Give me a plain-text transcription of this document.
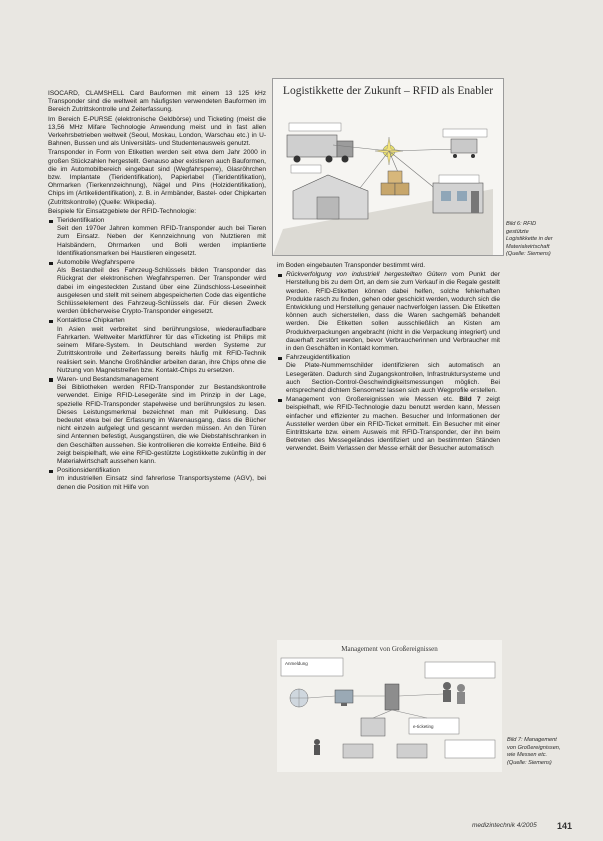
ISOCARD, CLAMSHELL Card Bauformen mit einem 13 125 kHz Transponder sind die weltweit am häufigsten verwendeten Bauformen im Bereich Zutrittskontrolle und Zeiterfassung.

Im Bereich E-PURSE (elektronische Geldbörse) und Ticketing (meist die 13,56 MHz Mifare Technologie Anwendung meist und in fast allen Verkehrsbetrieben weltweit (Seoul, Moskau, London, Warschau etc.) in U-Bahnen, Bussen und als Universitäts- und Studentenausweis genutzt.

Transponder in Form von Etiketten werden seit etwa dem Jahr 2000 in großen Stückzahlen hergestellt. Genauso aber existieren auch Bauformen, die im Automobilbereich eingebaut sind (Wegfahrsperre), Glasröhrchen bzw. Implantate (Tieridentifikation), Papierlabel (Tieridentifikation), Ohrmarken (Tierkennzeichnung), Nägel und Pins (Holzidentifikation), Chips im (Artikelidentifikation), z. B. in Armbänder, Bastel- oder Chipkarten (Zutrittskontrolle) (Quelle: Wikipedia).

Beispiele für Einsatzgebiete der RFID-Technologie:

Tieridentifikation
Seit den 1970er Jahren kommen RFID-Transponder auch bei Tieren zum Einsatz. Neben der Kennzeichnung von Nutztieren mit Halsbändern, Ohrmarken und Bolli werden implantierte Identifikationsmarken bei Haustieren eingesetzt.
Automobile Wegfahrsperre
Als Bestandteil des Fahrzeug-Schlüssels bilden Transponder das Rückgrat der elektronischen Wegfahrsperren. Der Transponder wird dabei im eingesteckten Zustand über eine Zündschloss-Leseeinheit ausgelesen und stellt mit seinem abgespeicherten Code das eigentliche Schlüsselelement des Fahrzeug-Schlüssels dar. Für diesen Zweck werden üblicherweise Crypto-Transponder eingesetzt.
Kontaktlose Chipkarten
In Asien weit verbreitet sind berührungslose, wiederaufladbare Fahrkarten. Weltweiter Marktführer für das eTicketing ist Philips mit seinem Mifare-System. In Deutschland werden Systeme zur Zutrittskontrolle und Zeiterfassung bereits häufig mit RFID-Technik realisiert sein. Manche Großhändler arbeiten daran, ihre Chips ohne die Nutzung von Magnetstreifen bzw. Kontakt-Chips zu ersetzen.
Waren- und Bestandsmanagement
Bei Bibliotheken werden RFID-Transponder zur Bestandskontrolle verwendet. Einige RFID-Lesegeräte sind im Prinzip in der Lage, spezielle RFID-Transponder stapelweise und berührungslos zu lesen. Dieses Leistungsmerkmal bezeichnet man mit Pulklesung. Das bedeutet etwa bei der Erfassung im Warenausgang, dass die Bücher nicht einzeln aufgelegt und gescannt werden müssen. An den Türen sind Antennen befestigt, Ausgangstüren, die wie Diebstahlschranken in den Geschäften aussehen. Sie kontrollieren die korrekte Entleihe. Bild 6 zeigt beispielhaft, wie eine RFID-gestützte Logistikkette zukünftig in der Materialwirtschaft aussehen kann.
Positionsidentifikation
Im industriellen Einsatz sind fahrerlose Transportsysteme (AGV), bei denen die Position mit Hilfe von
Logistikkette der Zukunft – RFID als Enabler
Bild 6: RFID gestützte Logistikkette in der Materialwirtschaft (Quelle: Siemens)

im Boden eingebauten Transponder bestimmt wird.

Rückverfolgung von industriell hergestellten Gütern vom Punkt der Herstellung bis zu dem Ort, an dem sie zum Verkauf in die Regale gestellt werden. RFID-Etiketten können dabei helfen, solche fehlerhaften Produkte rasch zu finden, gehen oder geschickt werden, wodurch sich die Entwicklung und Herstellung genauer nachverfolgen lassen. Die Etiketten können auch sicherstellen, dass die Waren sachgemäß behandelt werden. Die Etiketten sollen ausschließlich an Kisten am Produktverpackungen angebracht (nicht in die Verpackung integriert) und dauerhaft zerstört werden, bevor Verbraucherinnen und Verbraucher mit in den Geschäften in Kontakt kommen.
Fahrzeugidentifikation
Die Plate-Nummernschilder identifizieren sich automatisch an Lesegeräten. Dadurch sind Zugangskontrollen, Infrastruktursysteme und auch Section-Control-Geschwindigkeitsmessungen möglich. Bei entsprechend dichtem Sensornetz lassen sich auch Wegprofile erstellen.
Management von Großereignissen wie Messen etc. Bild 7 zeigt beispielhaft, wie RFID-Technologie dazu benutzt werden kann, Messen einfacher und effizienter zu machen. Besucher und Informationen der Aussteller werden über ein RFID-Ticket ermittelt. Ein Besucher mit einer Eintrittskarte bzw. einem Ausweis mit RFID-Transponder, der ihn beim Betreten des Messegeländes identifiziert und an bestimmten Ständen verwendet. Beim Verlassen der Messe erhält der Besucher automatisch
Management von Großereignissen
Anmeldung
e-ticketing
Bild 7: Management von Großereignissen, wie Messen etc. (Quelle: Siemens)
medizintechnik 4/2005 141
